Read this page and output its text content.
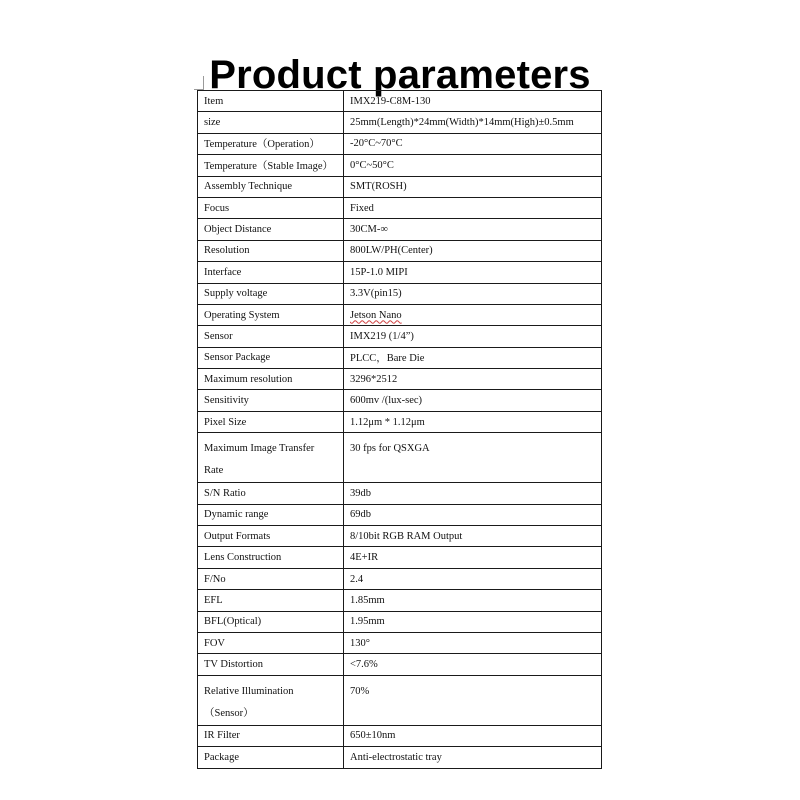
Product parameters
Item	IMX219-C8M-130

size	25mm(Length)*24mm(Width)*14mm(High)±0.5mm

Temperature（Operation）	-20°C~70°C

Temperature（Stable Image）	0°C~50°C

Assembly Technique	SMT(ROSH)

Focus	Fixed

Object Distance	30CM-∞

Resolution	800LW/PH(Center)

Interface	15P-1.0 MIPI

Supply voltage	3.3V(pin15)

Operating System	Jetson Nano

Sensor	IMX219 (1/4”)

Sensor Package	PLCC，Bare Die

Maximum resolution	3296*2512

Sensitivity	600mv /(lux-sec)

Pixel Size	1.12μm * 1.12μm

Maximum Image Transfer
Rate	30 fps for QSXGA

S/N Ratio	39db

Dynamic range	69db

Output Formats	8/10bit RGB RAM Output

Lens Construction	4E+IR

F/No	2.4

EFL	1.85mm

BFL(Optical)	1.95mm

FOV	130°

TV Distortion	<7.6%

Relative Illumination
（Sensor）	70%

IR Filter	650±10nm

Package	Anti-electrostatic tray
